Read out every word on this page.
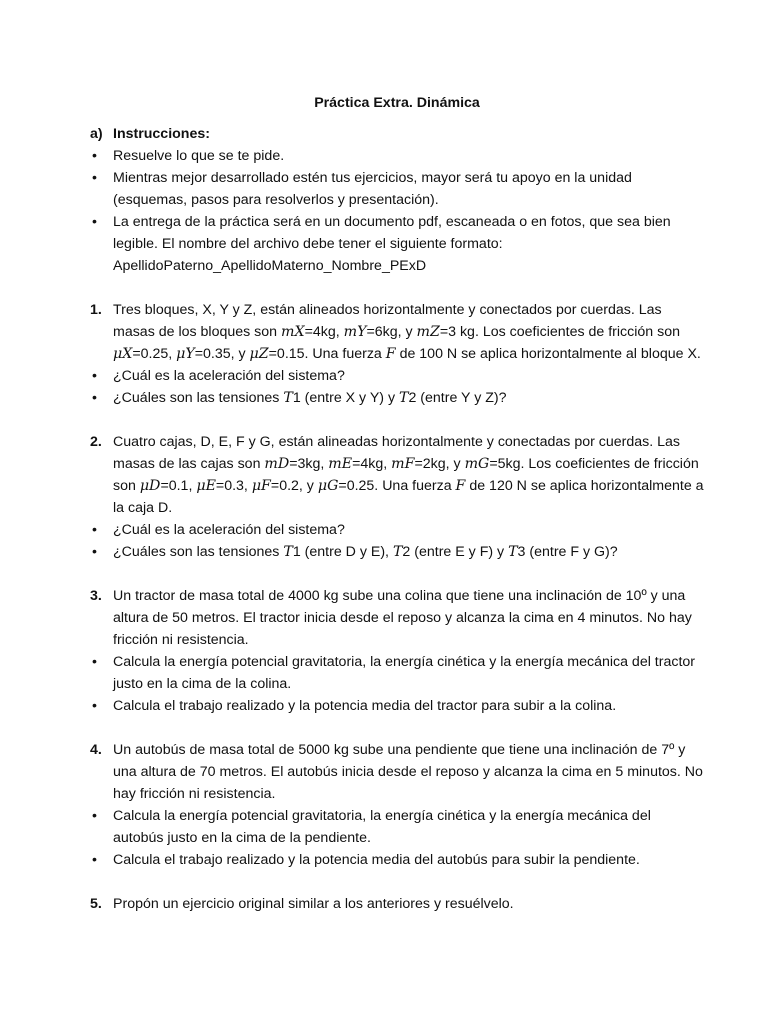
Práctica Extra. Dinámica
a) Instrucciones:
•	Resuelve lo que se te pide.
•	Mientras mejor desarrollado estén tus ejercicios, mayor será tu apoyo en la unidad (esquemas, pasos para resolverlos y presentación).
•	La entrega de la práctica será en un documento pdf, escaneada o en fotos, que sea bien legible. El nombre del archivo debe tener el siguiente formato:
ApellidoPaterno_ApellidoMaterno_Nombre_PExD
1. Tres bloques, X, Y y Z, están alineados horizontalmente y conectados por cuerdas. Las masas de los bloques son mX=4kg, mY=6kg, y mZ=3 kg. Los coeficientes de fricción son μX=0.25, μY=0.35, y μZ=0.15. Una fuerza F de 100 N se aplica horizontalmente al bloque X.
•	¿Cuál es la aceleración del sistema?
•	¿Cuáles son las tensiones T1 (entre X y Y) y T2 (entre Y y Z)?
2. Cuatro cajas, D, E, F y G, están alineadas horizontalmente y conectadas por cuerdas. Las masas de las cajas son mD=3kg, mE=4kg, mF=2kg, y mG=5kg. Los coeficientes de fricción son μD=0.1, μE=0.3, μF=0.2, y μG=0.25. Una fuerza F de 120 N se aplica horizontalmente a la caja D.
•	¿Cuál es la aceleración del sistema?
•	¿Cuáles son las tensiones T1 (entre D y E), T2 (entre E y F) y T3 (entre F y G)?
3. Un tractor de masa total de 4000 kg sube una colina que tiene una inclinación de 10º y una altura de 50 metros. El tractor inicia desde el reposo y alcanza la cima en 4 minutos. No hay fricción ni resistencia.
•	Calcula la energía potencial gravitatoria, la energía cinética y la energía mecánica del tractor justo en la cima de la colina.
•	Calcula el trabajo realizado y la potencia media del tractor para subir a la colina.
4. Un autobús de masa total de 5000 kg sube una pendiente que tiene una inclinación de 7º y una altura de 70 metros. El autobús inicia desde el reposo y alcanza la cima en 5 minutos. No hay fricción ni resistencia.
•	Calcula la energía potencial gravitatoria, la energía cinética y la energía mecánica del autobús justo en la cima de la pendiente.
•	Calcula el trabajo realizado y la potencia media del autobús para subir la pendiente.
5. Propón un ejercicio original similar a los anteriores y resuélvelo.
